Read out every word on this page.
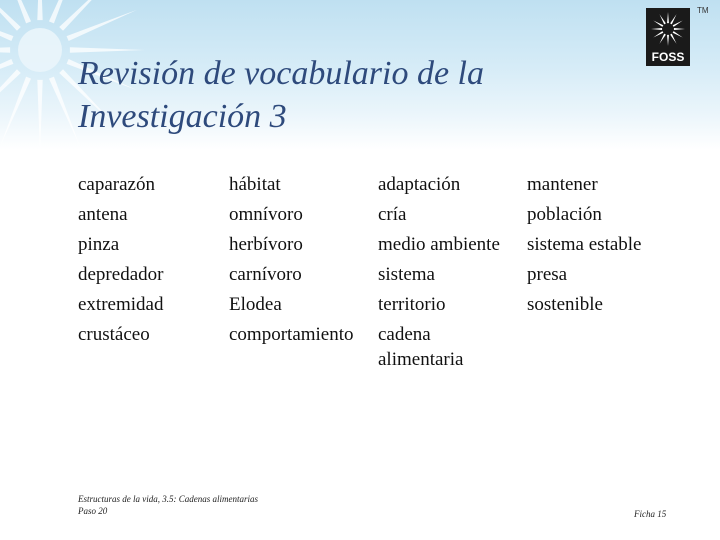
FOSS
TM
Revisión de vocabulario de la
Investigación 3
caparazón
antena
pinza
depredador
extremidad
crustáceo
hábitat
omnívoro
herbívoro
carnívoro
Elodea
comportamiento
adaptación
cría
medio ambiente
sistema
territorio
cadena alimentaria
mantener
población
sistema estable
presa
sostenible
Estructuras de la vida, 3.5: Cadenas alimentarias
Paso 20	Ficha 15
